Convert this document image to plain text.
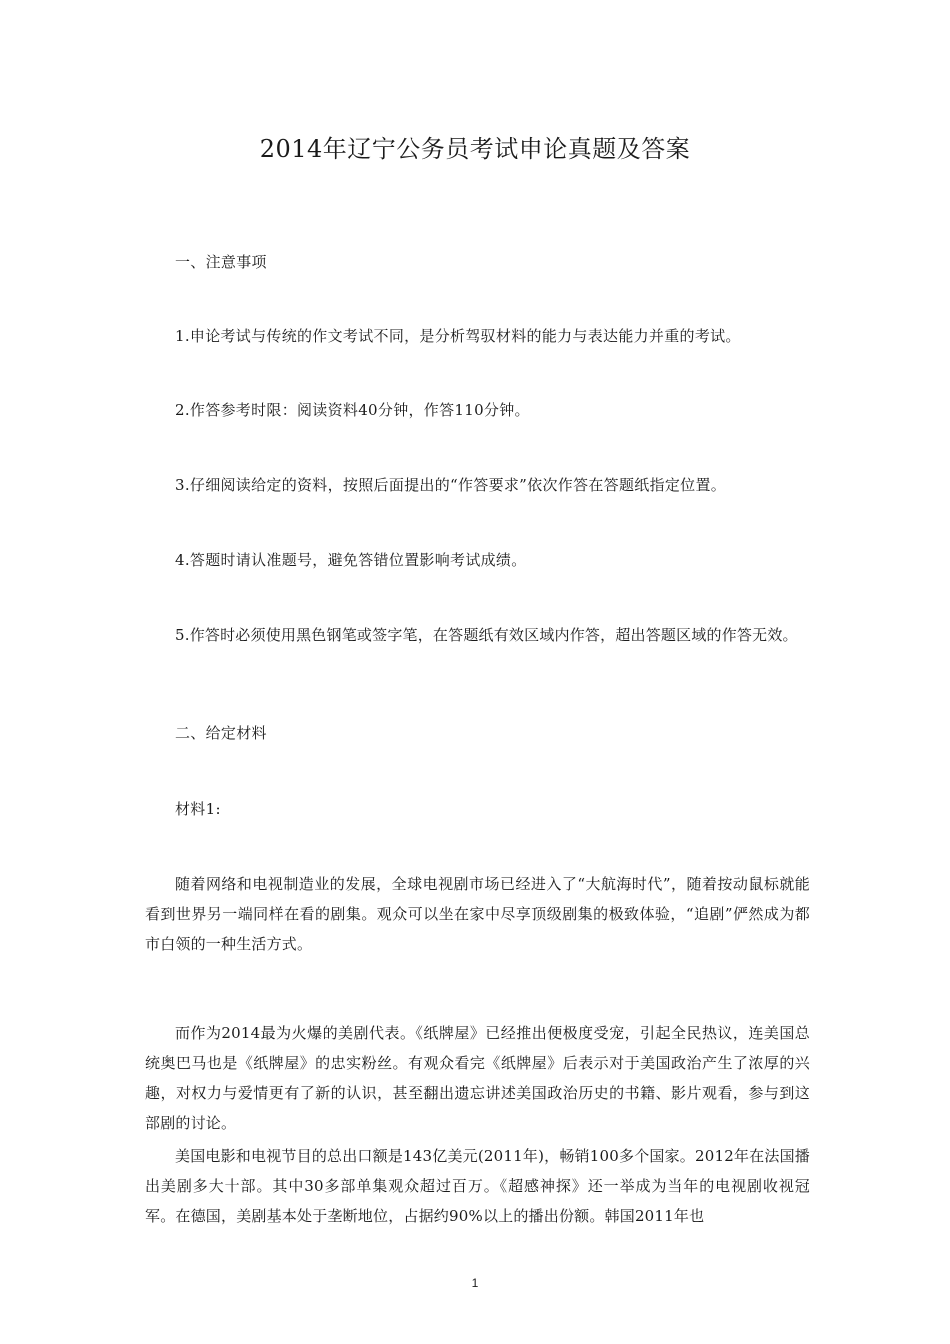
2014年辽宁公务员考试申论真题及答案
一、注意事项
1.申论考试与传统的作文考试不同，是分析驾驭材料的能力与表达能力并重的考试。
2.作答参考时限：阅读资料40分钟，作答110分钟。
3.仔细阅读给定的资料，按照后面提出的“作答要求”依次作答在答题纸指定位置。
4.答题时请认准题号，避免答错位置影响考试成绩。
5.作答时必须使用黑色钢笔或签字笔，在答题纸有效区域内作答，超出答题区域的作答无效。
二、给定材料
材料1:
随着网络和电视制造业的发展，全球电视剧市场已经进入了“大航海时代”，随着按动鼠标就能看到世界另一端同样在看的剧集。观众可以坐在家中尽享顶级剧集的极致体验，“追剧”俨然成为都市白领的一种生活方式。
而作为2014最为火爆的美剧代表。《纸牌屋》已经推出便极度受宠，引起全民热议，连美国总统奥巴马也是《纸牌屋》的忠实粉丝。有观众看完《纸牌屋》后表示对于美国政治产生了浓厚的兴趣，对权力与爱情更有了新的认识，甚至翻出遗忘讲述美国政治历史的书籍、影片观看，参与到这部剧的讨论。
美国电影和电视节目的总出口额是143亿美元(2011年)，畅销100多个国家。2012年在法国播出美剧多大十部。其中30多部单集观众超过百万。《超感神探》还一举成为当年的电视剧收视冠军。在德国，美剧基本处于垄断地位，占据约90%以上的播出份额。韩国2011年也
1
